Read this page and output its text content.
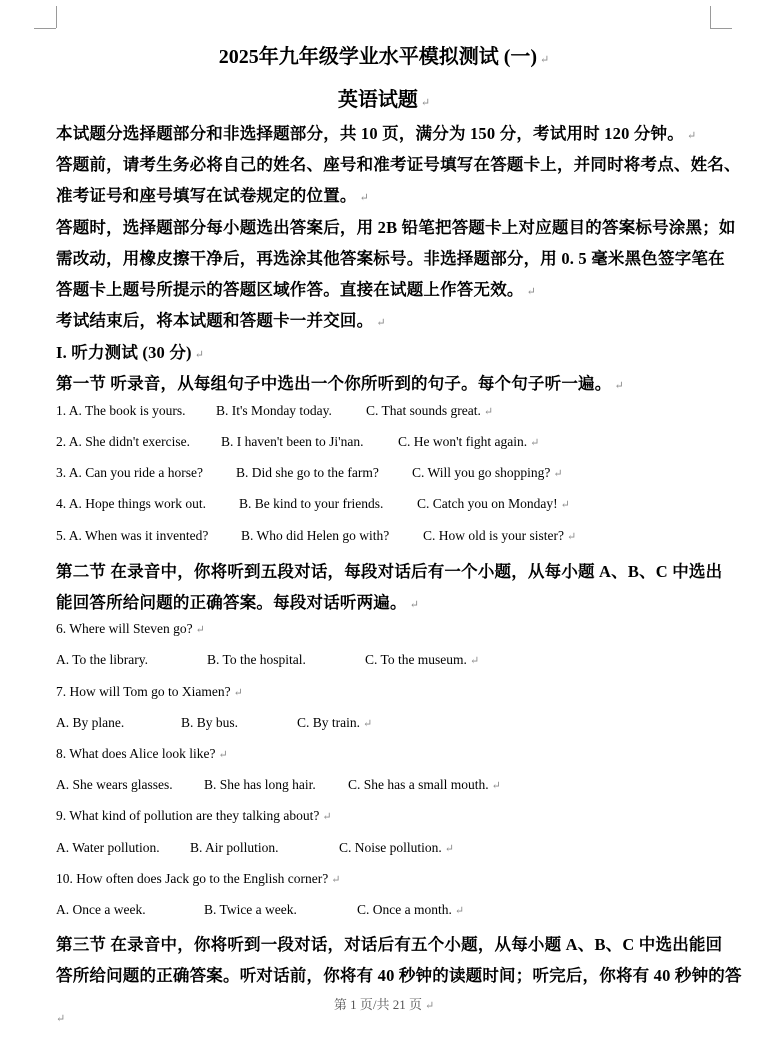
2025年九年级学业水平模拟测试 (一) ↵
英语试题 ↵
本试题分选择题部分和非选择题部分，共 10 页，满分为 150 分，考试用时 120 分钟。 ↵
答题前，请考生务必将自己的姓名、座号和准考证号填写在答题卡上，并同时将考点、姓名、
准考证号和座号填写在试卷规定的位置。 ↵
答题时，选择题部分每小题选出答案后，用 2B 铅笔把答题卡上对应题目的答案标号涂黑；如
需改动，用橡皮擦干净后，再选涂其他答案标号。非选择题部分，用 0. 5 毫米黑色签字笔在
答题卡上题号所提示的答题区域作答。直接在试题上作答无效。 ↵
考试结束后，将本试题和答题卡一并交回。 ↵
I. 听力测试 (30 分) ↵
第一节 听录音，从每组句子中选出一个你所听到的句子。每个句子听一遍。 ↵
1. A. The book is yours. B. It's Monday today.	C. That sounds great. ↵
2. A. She didn't exercise. B. I haven't been to Ji'nan.	C. He won't fight again. ↵
3. A. Can you ride a horse? B. Did she go to the farm? C. Will you go shopping? ↵
4. A. Hope things work out. B. Be kind to your friends. C. Catch you on Monday! ↵
5. A. When was it invented? B. Who did Helen go with?	C. How old is your sister? ↵
第二节 在录音中，你将听到五段对话，每段对话后有一个小题，从每小题 A、B、C 中选出
能回答所给问题的正确答案。每段对话听两遍。 ↵
6. Where will Steven go? ↵
A. To the library.	B. To the hospital.	C. To the museum. ↵
7. How will Tom go to Xiamen? ↵
A. By plane.	B. By bus.	C. By train. ↵
8. What does Alice look like? ↵
A. She wears glasses. B. She has long hair. C. She has a small mouth. ↵
9. What kind of pollution are they talking about? ↵
A. Water pollution. B. Air pollution.	C. Noise pollution. ↵
10. How often does Jack go to the English corner? ↵
A. Once a week.	B. Twice a week.	C. Once a month. ↵
第三节 在录音中，你将听到一段对话，对话后有五个小题，从每小题 A、B、C 中选出能回
答所给问题的正确答案。听对话前，你将有 40 秒钟的读题时间；听完后，你将有 40 秒钟的答
第 1 页/共 21 页 ↵
↵
